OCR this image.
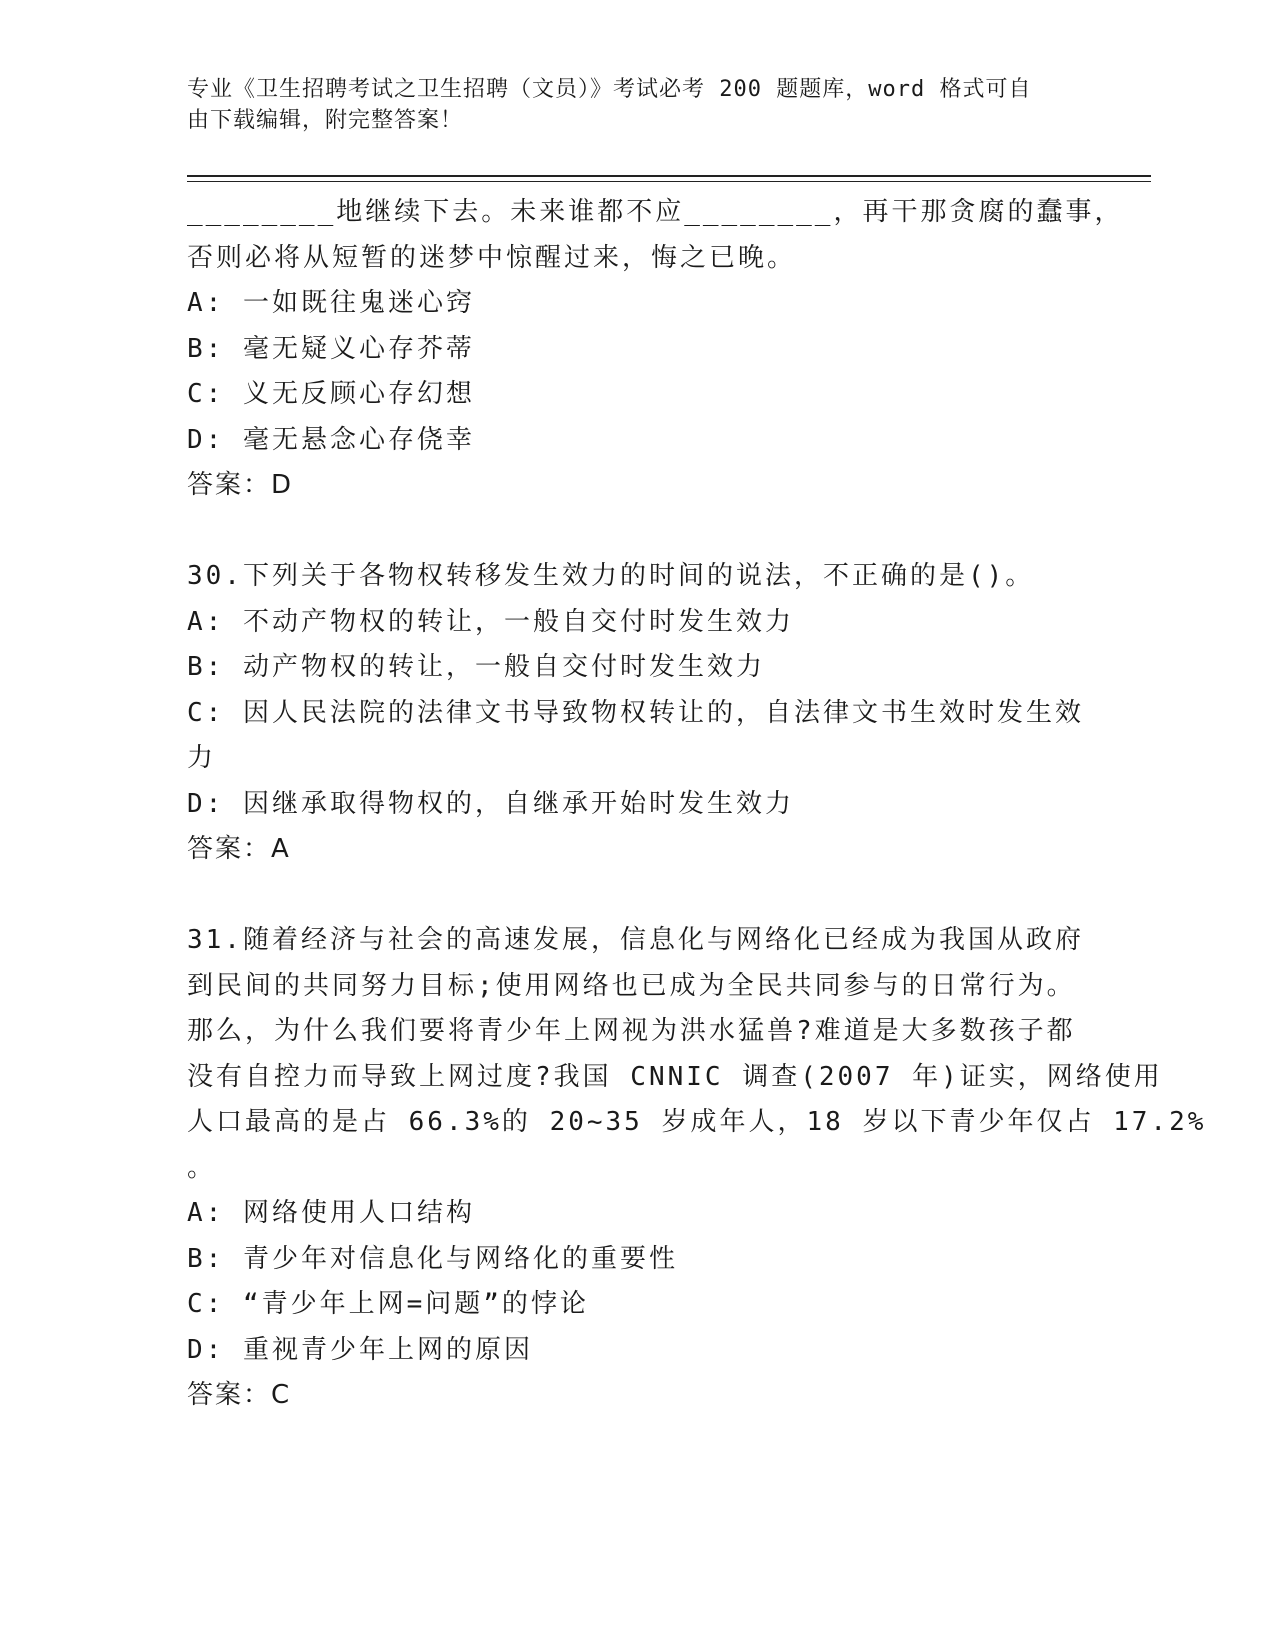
专业《卫生招聘考试之卫生招聘（文员）》考试必考 200 题题库，word 格式可自
由下载编辑，附完整答案！
________地继续下去。未来谁都不应________，再干那贪腐的蠢事，
否则必将从短暂的迷梦中惊醒过来，悔之已晚。
A: 一如既往鬼迷心窍
B: 毫无疑义心存芥蒂
C: 义无反顾心存幻想
D: 毫无悬念心存侥幸
答案：D
30.下列关于各物权转移发生效力的时间的说法，不正确的是()。
A: 不动产物权的转让，一般自交付时发生效力
B: 动产物权的转让，一般自交付时发生效力
C: 因人民法院的法律文书导致物权转让的，自法律文书生效时发生效
力
D: 因继承取得物权的，自继承开始时发生效力
答案：A
31.随着经济与社会的高速发展，信息化与网络化已经成为我国从政府
到民间的共同努力目标;使用网络也已成为全民共同参与的日常行为。
那么，为什么我们要将青少年上网视为洪水猛兽?难道是大多数孩子都
没有自控力而导致上网过度?我国 CNNIC 调查(2007 年)证实，网络使用
人口最高的是占 66.3%的 20~35 岁成年人，18 岁以下青少年仅占 17.2%
。
A: 网络使用人口结构
B: 青少年对信息化与网络化的重要性
C: “青少年上网=问题”的悖论
D: 重视青少年上网的原因
答案：C
